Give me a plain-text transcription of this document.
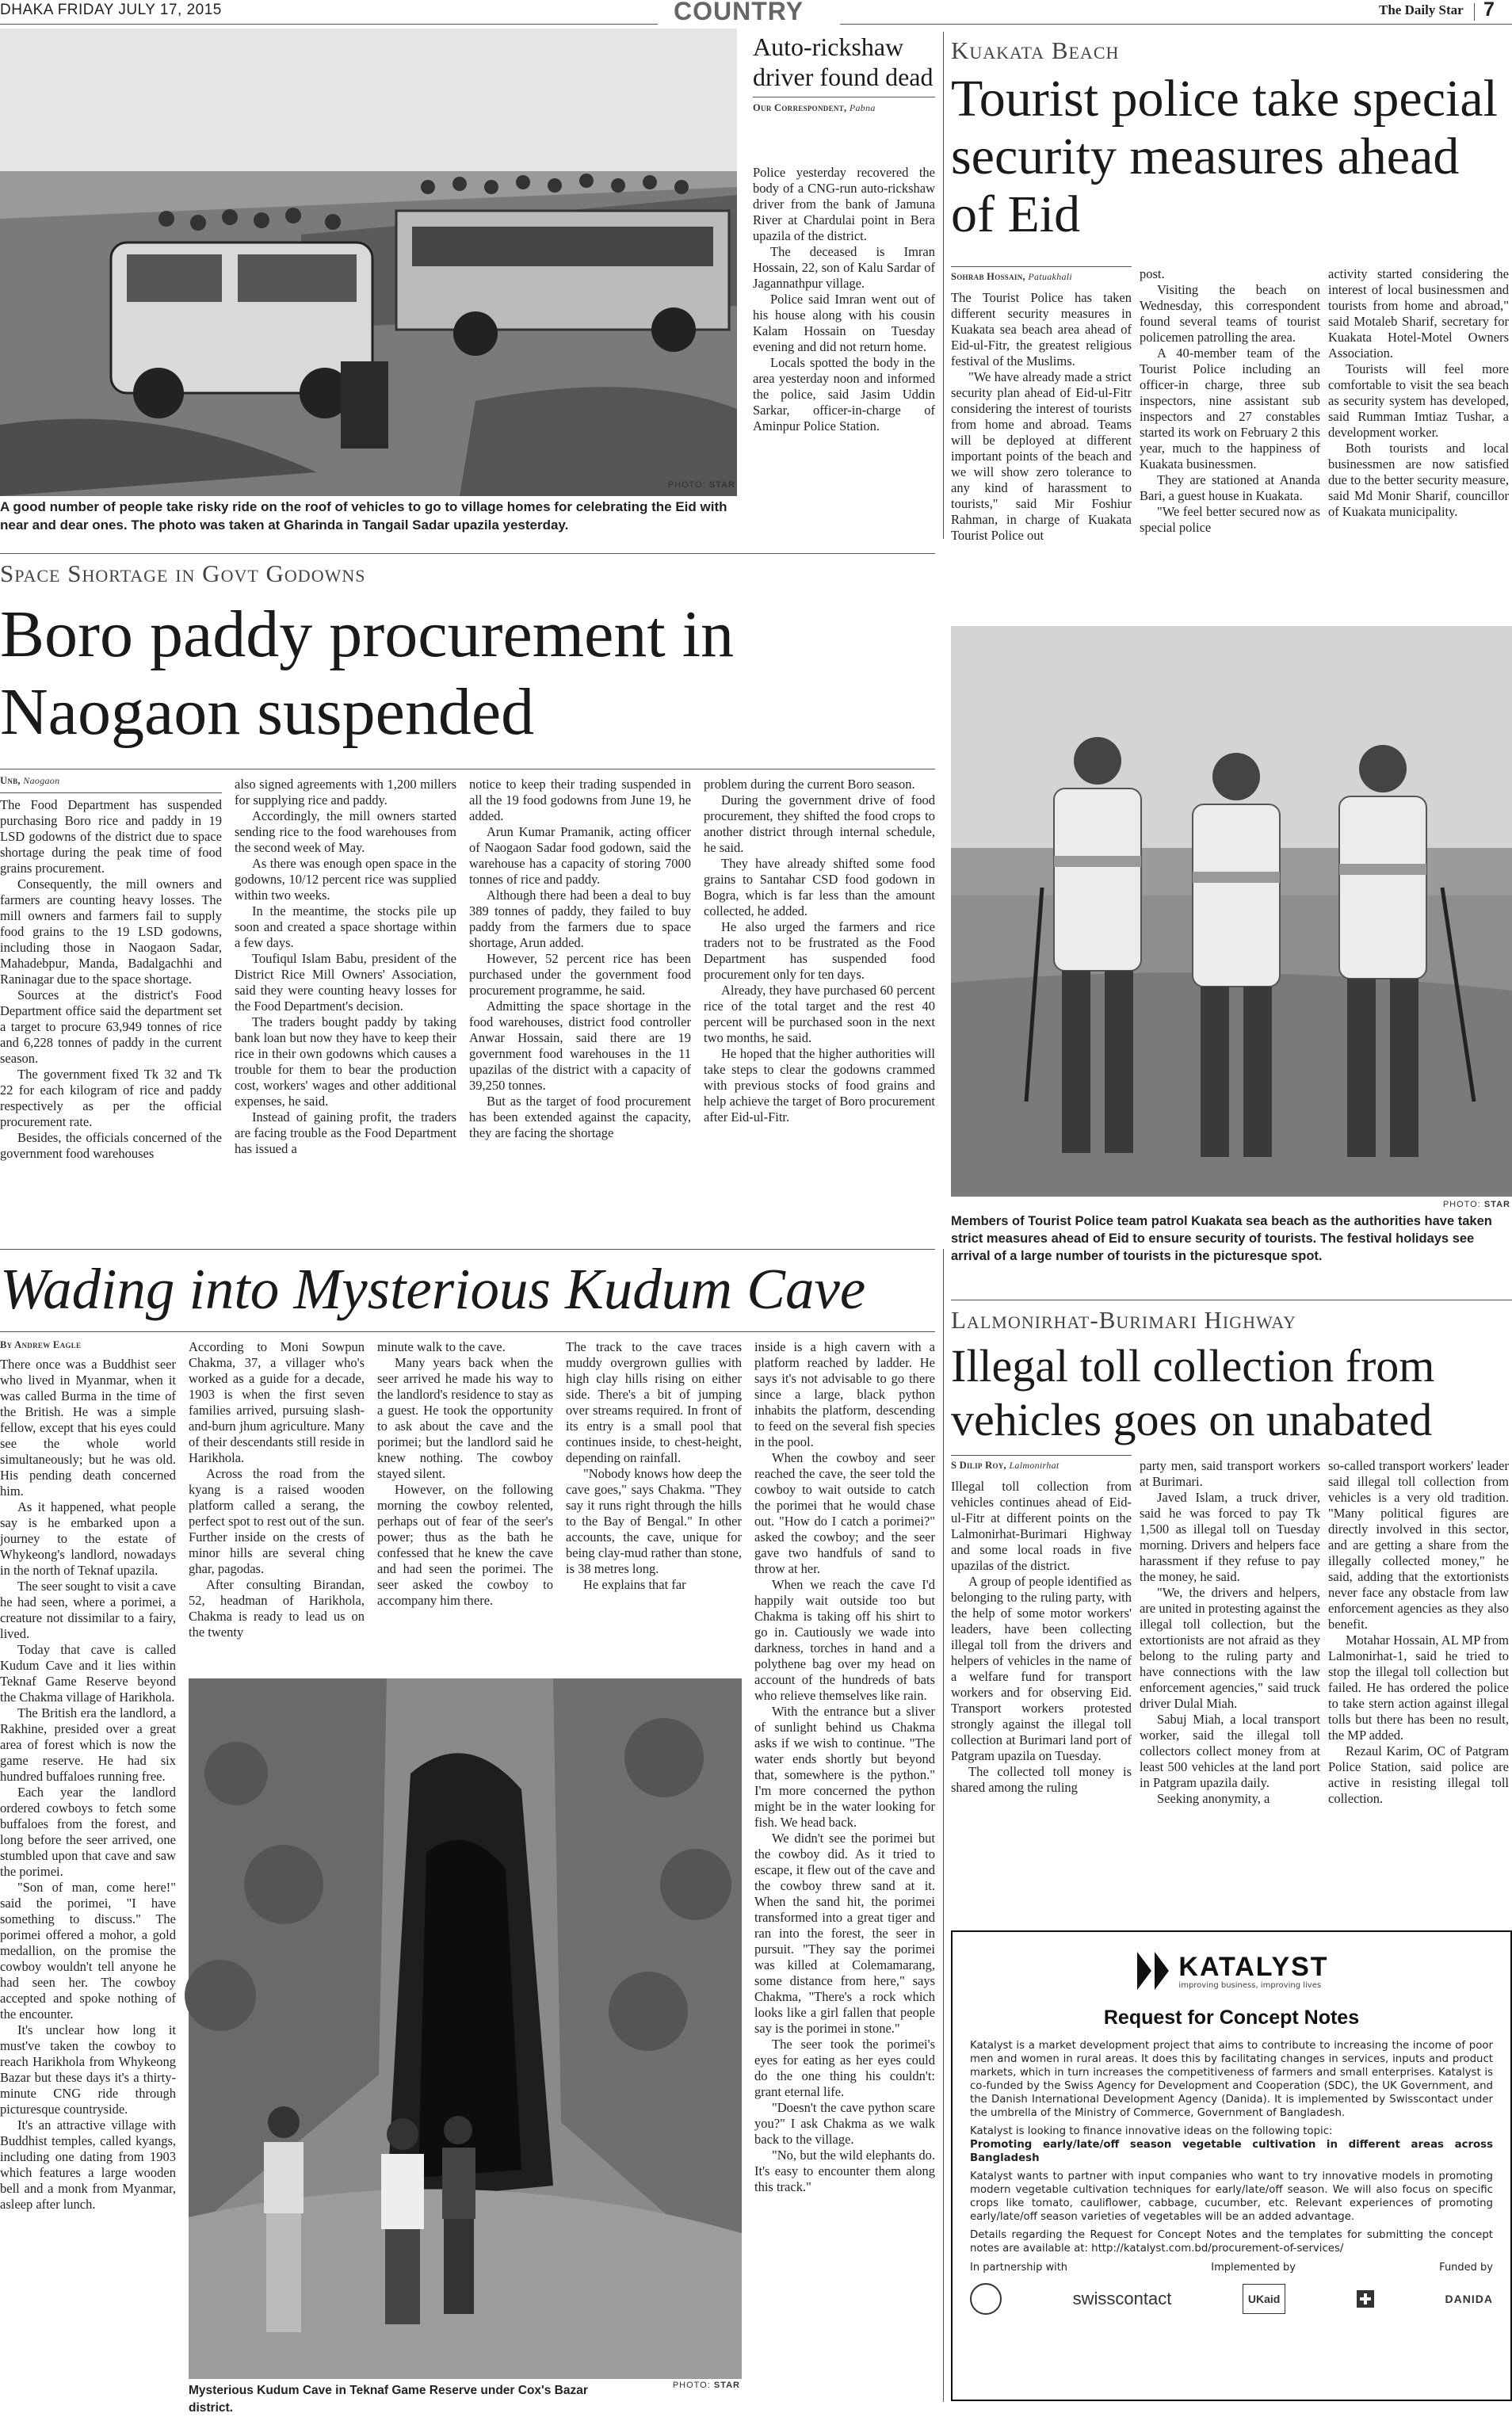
DHAKA FRIDAY JULY 17, 2015	COUNTRY	The Daily Star 7
PHOTO: STAR
A good number of people take risky ride on the roof of vehicles to go to village homes for celebrating the Eid with near and dear ones. The photo was taken at Gharinda in Tangail Sadar upazila yesterday.
Auto-rickshaw driver found dead
Our Correspondent, Pabna

Police yesterday recovered the body of a CNG-run auto-rickshaw driver from the bank of Jamuna River at Chardulai point in Bera upazila of the district.

The deceased is Imran Hossain, 22, son of Kalu Sardar of Jagannathpur village.

Police said Imran went out of his house along with his cousin Kalam Hossain on Tuesday evening and did not return home.

Locals spotted the body in the area yesterday noon and informed the police, said Jasim Uddin Sarkar, officer-in-charge of Aminpur Police Station.

Kuakata Beach
Tourist police take special security measures ahead of Eid
Sohrab Hossain, Patuakhali

The Tourist Police has taken different security measures in Kuakata sea beach area ahead of Eid-ul-Fitr, the greatest religious festival of the Muslims.

"We have already made a strict security plan ahead of Eid-ul-Fitr considering the interest of tourists from home and abroad. Teams will be deployed at different important points of the beach and we will show zero tolerance to any kind of harassment to tourists," said Mir Foshiur Rahman, in charge of Kuakata Tourist Police out

post.

Visiting the beach on Wednesday, this correspondent found several teams of tourist policemen patrolling the area.

A 40-member team of the Tourist Police including an officer-in charge, three sub inspectors, nine assistant sub inspectors and 27 constables started its work on February 2 this year, much to the happiness of Kuakata businessmen.

They are stationed at Ananda Bari, a guest house in Kuakata.

"We feel better secured now as special police

activity started considering the interest of local businessmen and tourists from home and abroad," said Motaleb Sharif, secretary for Kuakata Hotel-Motel Owners Association.

Tourists will feel more comfortable to visit the sea beach as security system has developed, said Rumman Imtiaz Tushar, a development worker.

Both tourists and local businessmen are now satisfied due to the better security measure, said Md Monir Sharif, councillor of Kuakata municipality.

PHOTO: STAR
Members of Tourist Police team patrol Kuakata sea beach as the authorities have taken strict measures ahead of Eid to ensure security of tourists. The festival holidays see arrival of a large number of tourists in the picturesque spot.
Space Shortage in Govt Godowns
Boro paddy procurement in Naogaon suspended
Unb, Naogaon

The Food Department has suspended purchasing Boro rice and paddy in 19 LSD godowns of the district due to space shortage during the peak time of food grains procurement.

Consequently, the mill owners and farmers are counting heavy losses. The mill owners and farmers fail to supply food grains to the 19 LSD godowns, including those in Naogaon Sadar, Mahadebpur, Manda, Badalgachhi and Raninagar due to the space shortage.

Sources at the district's Food Department office said the department set a target to procure 63,949 tonnes of rice and 6,228 tonnes of paddy in the current season.

The government fixed Tk 32 and Tk 22 for each kilogram of rice and paddy respectively as per the official procurement rate.

Besides, the officials concerned of the government food warehouses

also signed agreements with 1,200 millers for supplying rice and paddy.

Accordingly, the mill owners started sending rice to the food warehouses from the second week of May.

As there was enough open space in the godowns, 10/12 percent rice was supplied within two weeks.

In the meantime, the stocks pile up soon and created a space shortage within a few days.

Toufiqul Islam Babu, president of the District Rice Mill Owners' Association, said they were counting heavy losses for the Food Department's decision.

The traders bought paddy by taking bank loan but now they have to keep their rice in their own godowns which causes a trouble for them to bear the production cost, workers' wages and other additional expenses, he said.

Instead of gaining profit, the traders are facing trouble as the Food Department has issued a

notice to keep their trading suspended in all the 19 food godowns from June 19, he added.

Arun Kumar Pramanik, acting officer of Naogaon Sadar food godown, said the warehouse has a capacity of storing 7000 tonnes of rice and paddy.

Although there had been a deal to buy 389 tonnes of paddy, they failed to buy paddy from the farmers due to space shortage, Arun added.

However, 52 percent rice has been purchased under the government food procurement programme, he said.

Admitting the space shortage in the food warehouses, district food controller Anwar Hossain, said there are 19 government food warehouses in the 11 upazilas of the district with a capacity of 39,250 tonnes.

But as the target of food procurement has been extended against the capacity, they are facing the shortage

problem during the current Boro season.

During the government drive of food procurement, they shifted the food crops to another district through internal schedule, he said.

They have already shifted some food grains to Santahar CSD food godown in Bogra, which is far less than the amount collected, he added.

He also urged the farmers and rice traders not to be frustrated as the Food Department has suspended food procurement only for ten days.

Already, they have purchased 60 percent rice of the total target and the rest 40 percent will be purchased soon in the next two months, he said.

He hoped that the higher authorities will take steps to clear the godowns crammed with previous stocks of food grains and help achieve the target of Boro procurement after Eid-ul-Fitr.

Wading into Mysterious Kudum Cave
By Andrew Eagle

There once was a Buddhist seer who lived in Myanmar, when it was called Burma in the time of the British. He was a simple fellow, except that his eyes could see the whole world simultaneously; but he was old. His pending death concerned him.

As it happened, what people say is he embarked upon a journey to the estate of Whykeong's landlord, nowadays in the north of Teknaf upazila.

The seer sought to visit a cave he had seen, where a porimei, a creature not dissimilar to a fairy, lived.

Today that cave is called Kudum Cave and it lies within Teknaf Game Reserve beyond the Chakma village of Harikhola.

The British era the landlord, a Rakhine, presided over a great area of forest which is now the game reserve. He had six hundred buffaloes running free.

Each year the landlord ordered cowboys to fetch some buffaloes from the forest, and long before the seer arrived, one stumbled upon that cave and saw the porimei.

"Son of man, come here!" said the porimei, "I have something to discuss." The porimei offered a mohor, a gold medallion, on the promise the cowboy wouldn't tell anyone he had seen her. The cowboy accepted and spoke nothing of the encounter.

It's unclear how long it must've taken the cowboy to reach Harikhola from Whykeong Bazar but these days it's a thirty-minute CNG ride through picturesque countryside.

It's an attractive village with Buddhist temples, called kyangs, including one dating from 1903 which features a large wooden bell and a monk from Myanmar, asleep after lunch.

According to Moni Sowpun Chakma, 37, a villager who's worked as a guide for a decade, 1903 is when the first seven families arrived, pursuing slash-and-burn jhum agriculture. Many of their descendants still reside in Harikhola.

Across the road from the kyang is a raised wooden platform called a serang, the perfect spot to rest out of the sun. Further inside on the crests of minor hills are several ching ghar, pagodas.

After consulting Birandan, 52, headman of Harikhola, Chakma is ready to lead us on the twenty

minute walk to the cave.

Many years back when the seer arrived he made his way to the landlord's residence to stay as a guest. He took the opportunity to ask about the cave and the porimei; but the landlord said he knew nothing. The cowboy stayed silent.

However, on the following morning the cowboy relented, perhaps out of fear of the seer's power; thus as the bath he confessed that he knew the cave and had seen the porimei. The seer asked the cowboy to accompany him there.

The track to the cave traces muddy overgrown gullies with high clay hills rising on either side. There's a bit of jumping over streams required. In front of its entry is a small pool that continues inside, to chest-height, depending on rainfall.

"Nobody knows how deep the cave goes," says Chakma. "They say it runs right through the hills to the Bay of Bengal." In other accounts, the cave, unique for being clay-mud rather than stone, is 38 metres long.

He explains that far

inside is a high cavern with a platform reached by ladder. He says it's not advisable to go there since a large, black python inhabits the platform, descending to feed on the several fish species in the pool.

When the cowboy and seer reached the cave, the seer told the cowboy to wait outside to catch the porimei that he would chase out. "How do I catch a porimei?" asked the cowboy; and the seer gave two handfuls of sand to throw at her.

When we reach the cave I'd happily wait outside too but Chakma is taking off his shirt to go in. Cautiously we wade into darkness, torches in hand and a polythene bag over my head on account of the hundreds of bats who relieve themselves like rain.

With the entrance but a sliver of sunlight behind us Chakma asks if we wish to continue. "The water ends shortly but beyond that, somewhere is the python." I'm more concerned the python might be in the water looking for fish. We head back.

We didn't see the porimei but the cowboy did. As it tried to escape, it flew out of the cave and the cowboy threw sand at it. When the sand hit, the porimei transformed into a great tiger and ran into the forest, the seer in pursuit. "They say the porimei was killed at Colemamarang, some distance from here," says Chakma, "There's a rock which looks like a girl fallen that people say is the porimei in stone."

The seer took the porimei's eyes for eating as her eyes could do the one thing his couldn't: grant eternal life.

"Doesn't the cave python scare you?" I ask Chakma as we walk back to the village.

"No, but the wild elephants do. It's easy to encounter them along this track."

Mysterious Kudum Cave in Teknaf Game Reserve under Cox's Bazar district.
PHOTO: STAR
Lalmonirhat-Burimari Highway
Illegal toll collection from vehicles goes on unabated
S Dilip Roy, Lalmonirhat

Illegal toll collection from vehicles continues ahead of Eid-ul-Fitr at different points on the Lalmonirhat-Burimari Highway and some local roads in five upazilas of the district.

A group of people identified as belonging to the ruling party, with the help of some motor workers' leaders, have been collecting illegal toll from the drivers and helpers of vehicles in the name of a welfare fund for transport workers and for observing Eid. Transport workers protested strongly against the illegal toll collection at Burimari land port of Patgram upazila on Tuesday.

The collected toll money is shared among the ruling

party men, said transport workers at Burimari.

Javed Islam, a truck driver, said he was forced to pay Tk 1,500 as illegal toll on Tuesday morning. Drivers and helpers face harassment if they refuse to pay the money, he said.

"We, the drivers and helpers, are united in protesting against the illegal toll collection, but the extortionists are not afraid as they belong to the ruling party and have connections with the law enforcement agencies," said truck driver Dulal Miah.

Sabuj Miah, a local transport worker, said the illegal toll collectors collect money from at least 500 vehicles at the land port in Patgram upazila daily.

Seeking anonymity, a

so-called transport workers' leader said illegal toll collection from vehicles is a very old tradition. "Many political figures are directly involved in this sector, and are getting a share from the illegally collected money," he said, adding that the extortionists never face any obstacle from law enforcement agencies as they also benefit.

Motahar Hossain, AL MP from Lalmonirhat-1, said he tried to stop the illegal toll collection but failed. He has ordered the police to take stern action against illegal tolls but there has been no result, the MP added.

Rezaul Karim, OC of Patgram Police Station, said police are active in resisting illegal toll collection.

KATALYST
improving business, improving lives
Request for Concept Notes

Katalyst is a market development project that aims to contribute to increasing the income of poor men and women in rural areas. It does this by facilitating changes in services, inputs and product markets, which in turn increases the competitiveness of farmers and small enterprises. Katalyst is co-funded by the Swiss Agency for Development and Cooperation (SDC), the UK Government, and the Danish International Development Agency (Danida). It is implemented by Swisscontact under the umbrella of the Ministry of Commerce, Government of Bangladesh.

Katalyst is looking to finance innovative ideas on the following topic:

Promoting early/late/off season vegetable cultivation in different areas across Bangladesh

Katalyst wants to partner with input companies who want to try innovative models in promoting modern vegetable cultivation techniques for early/late/off season. We will also focus on specific crops like tomato, cauliflower, cabbage, cucumber, etc. Relevant experiences of promoting early/late/off season varieties of vegetables will be an added advantage.

Details regarding the Request for Concept Notes and the templates for submitting the concept notes are available at: http://katalyst.com.bd/procurement-of-services/

In partnership with	Implemented by	Funded by
swisscontact	UKaid	DANIDA
